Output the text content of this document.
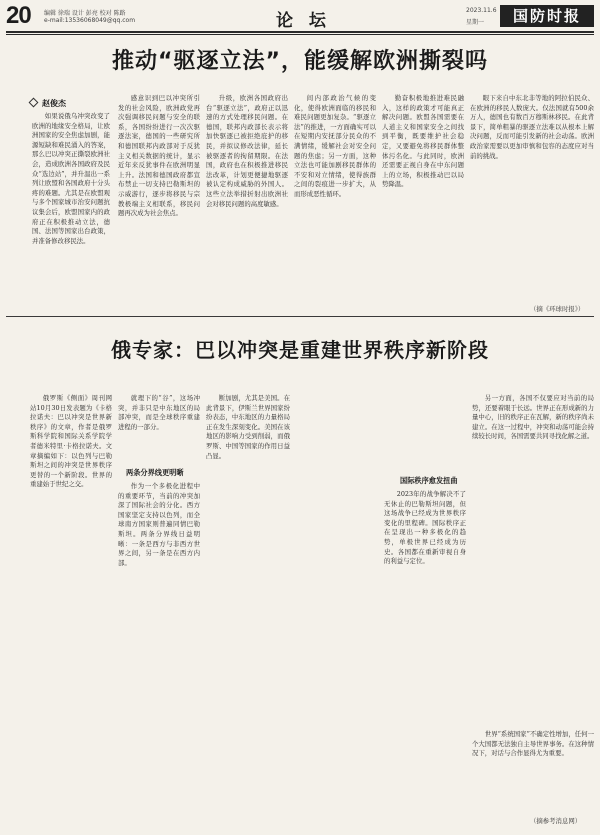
20 编辑 徐瑞 设计 彭亮 校对 陈路
e-mail:13536068049@qq.com	论 坛
2023.11.6
星期一	国防时报
推动“驱逐立法”，能缓解欧洲撕裂吗
赵俊杰
如果说俄乌冲突改变了欧洲的地缘安全格局，让欧洲国家的安全焦虑加剧，能源短缺和难民涌入的答案，那么巴以冲突正撕裂欧洲社会，造成欧洲各国政府及民众“选边站”，并升温出一系列让欧盟和各国政府十分头疼的难题。尤其是在欧盟观与多个国家城市治安问题抗议集会后，欧盟国家内的政府正在积极推动立法，德国、法国等国家出台政策，并准备修改移民法。
感意识到巴以冲突所引发的社会风险，欧洲政党再次强调移民问题与安全的联系，各国纷纷进行一次次驱逐法案，德国的一些研究所和德国联邦内政部对于反犹主义相关数据的统计，显示近年来反犹事件在欧洲明显上升。法国和德国政府都宣布禁止一切支持巴勒斯坦的示威游行，逐步将移民与宗教极端主义相联系，移民问题再次成为社会焦点。
升级，欧洲各国政府出台“驱逐立法”，政府正以迅速的方式处理移民问题。在德国，联邦内政部长表示将加快驱逐已被拒绝庇护的移民，并拟议修改法律，延长被驱逐者的拘留期限。在法国，政府也在积极推进移民法改革，计划更便捷地驱逐被认定构成威胁的外国人。这些立法举措折射出欧洲社会对移民问题的高度敏感。
间内部政治气候的变化，使得欧洲面临的移民和难民问题更加复杂。“驱逐立法”的推进，一方面确实可以在短期内安抚部分民众的不满情绪，缓解社会对安全问题的焦虑；另一方面，这种立法也可能加剧移民群体的不安和对立情绪，使得族群之间的裂痕进一步扩大，从而形成恶性循环。
勤奋积极地推进难民融入，这样的政策才可能真正解决问题。欧盟各国需要在人道主义和国家安全之间找到平衡，既要维护社会稳定，又要避免将移民群体整体污名化。与此同时，欧洲还需要正视自身在中东问题上的立场，积极推动巴以局势降温。
眼下来自中东北非等地的阿拉伯民众、在欧洲的移民人数庞大。仅法国就有500余万人，德国也有数百万穆斯林移民。在此背景下，简单粗暴的驱逐立法难以从根本上解决问题，反而可能引发新的社会动荡。欧洲政治家需要以更加审慎和包容的态度应对当前的挑战。
（摘《环球时报》）
俄专家：巴以冲突是重建世界秩序新阶段
俄罗斯《侧面》周刊网站10月30日发表题为《卡格拉诺夫：巴以冲突是世界新秩序》的文章，作者是俄罗斯科学院和国际关系学院学者德米特里·卡格拉诺夫。文章摘编如下：以色列与巴勒斯坦之间的冲突是世界秩序更替的一个新阶段。世界的重建始于世纪之交。
就理下的“谷”，这场冲突，并非只是中东地区的局部冲突，而是全球秩序重建进程的一部分。
两条分界线更明晰
作为一个多极化进程中的重要环节，当前的冲突加深了国际社会的分化。西方国家坚定支持以色列，而全球南方国家则普遍同情巴勒斯坦。两条分界线日益明晰：一条是西方与非西方世界之间，另一条是在西方内部。
断加剧，尤其是美国。在此背景下，伊斯兰世界国家纷纷表态，中东地区的力量格局正在发生深刻变化。美国在该地区的影响力受到削弱，而俄罗斯、中国等国家的作用日益凸显。
国际秩序愈发扭曲
2023年的战争解决不了无休止的巴勒斯坦问题，但这场战争已经成为世界秩序变化的里程碑。国际秩序正在呈现出一种多极化的趋势，单极世界已经成为历史。各国都在重新审视自身的利益与定位。
另一方面，各国不仅要应对当前的局势，还要着眼于长远。世界正在形成新的力量中心，旧的秩序正在瓦解，新的秩序尚未建立。在这一过程中，冲突和动荡可能会持续较长时间，各国需要共同寻找化解之道。
世界“系统国家”不确定性增加，任何一个大国都无法独自主导世界事务。在这种情况下，对话与合作显得尤为重要。
（摘参考消息网）
